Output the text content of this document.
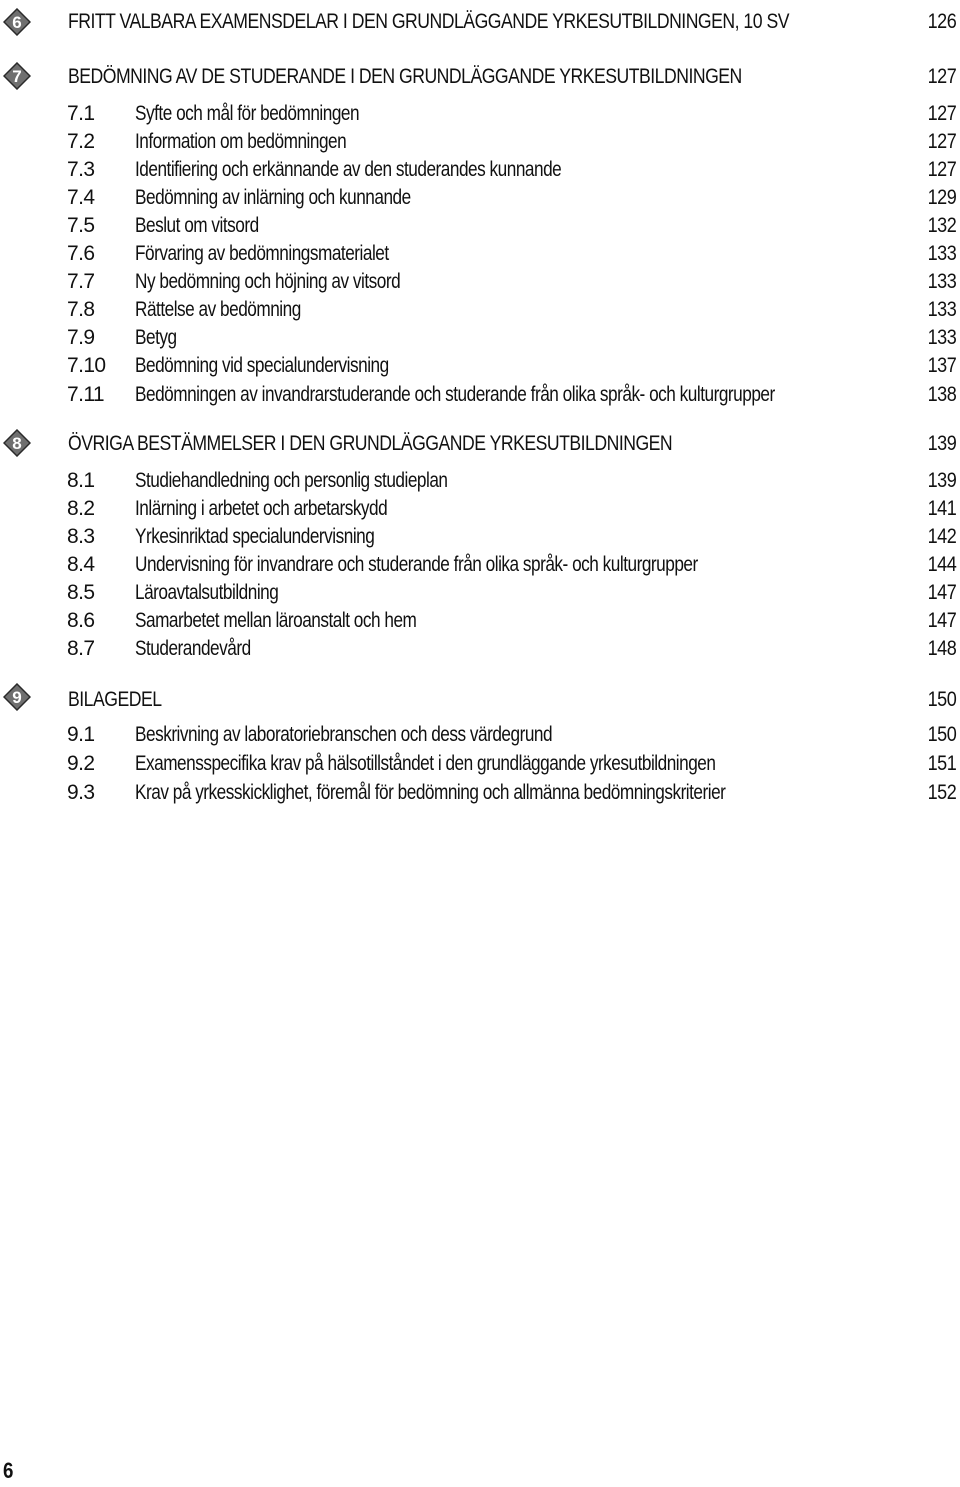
6 FRITT VALBARA EXAMENSDELAR I DEN GRUNDLÄGGANDE YRKESUTBILDNINGEN, 10 SV	126
7 BEDÖMNING AV DE STUDERANDE I DEN GRUNDLÄGGANDE YRKESUTBILDNINGEN	127
7.1 Syfte och mål för bedömningen	127
7.2 Information om bedömningen	127
7.3 Identifiering och erkännande av den studerandes kunnande	127
7.4 Bedömning av inlärning och kunnande	129
7.5 Beslut om vitsord	132
7.6 Förvaring av bedömningsmaterialet	133
7.7 Ny bedömning och höjning av vitsord	133
7.8 Rättelse av bedömning	133
7.9 Betyg	133
7.10 Bedömning vid specialundervisning	137
7.11 Bedömningen av invandrarstuderande och studerande från olika språk- och kulturgrupper	138
8 ÖVRIGA BESTÄMMELSER I DEN GRUNDLÄGGANDE YRKESUTBILDNINGEN	139
8.1 Studiehandledning och personlig studieplan	139
8.2 Inlärning i arbetet och arbetarskydd	141
8.3 Yrkesinriktad specialundervisning	142
8.4 Undervisning för invandrare och studerande från olika språk- och kulturgrupper	144
8.5 Läroavtalsutbildning	147
8.6 Samarbetet mellan läroanstalt och hem	147
8.7 Studerandevård	148
9 BILAGEDEL	150
9.1 Beskrivning av laboratoriebranschen och dess värdegrund	150
9.2 Examensspecifika krav på hälsotillståndet i den grundläggande yrkesutbildningen	151
9.3 Krav på yrkesskicklighet, föremål för bedömning och allmänna bedömningskriterier	152
6
